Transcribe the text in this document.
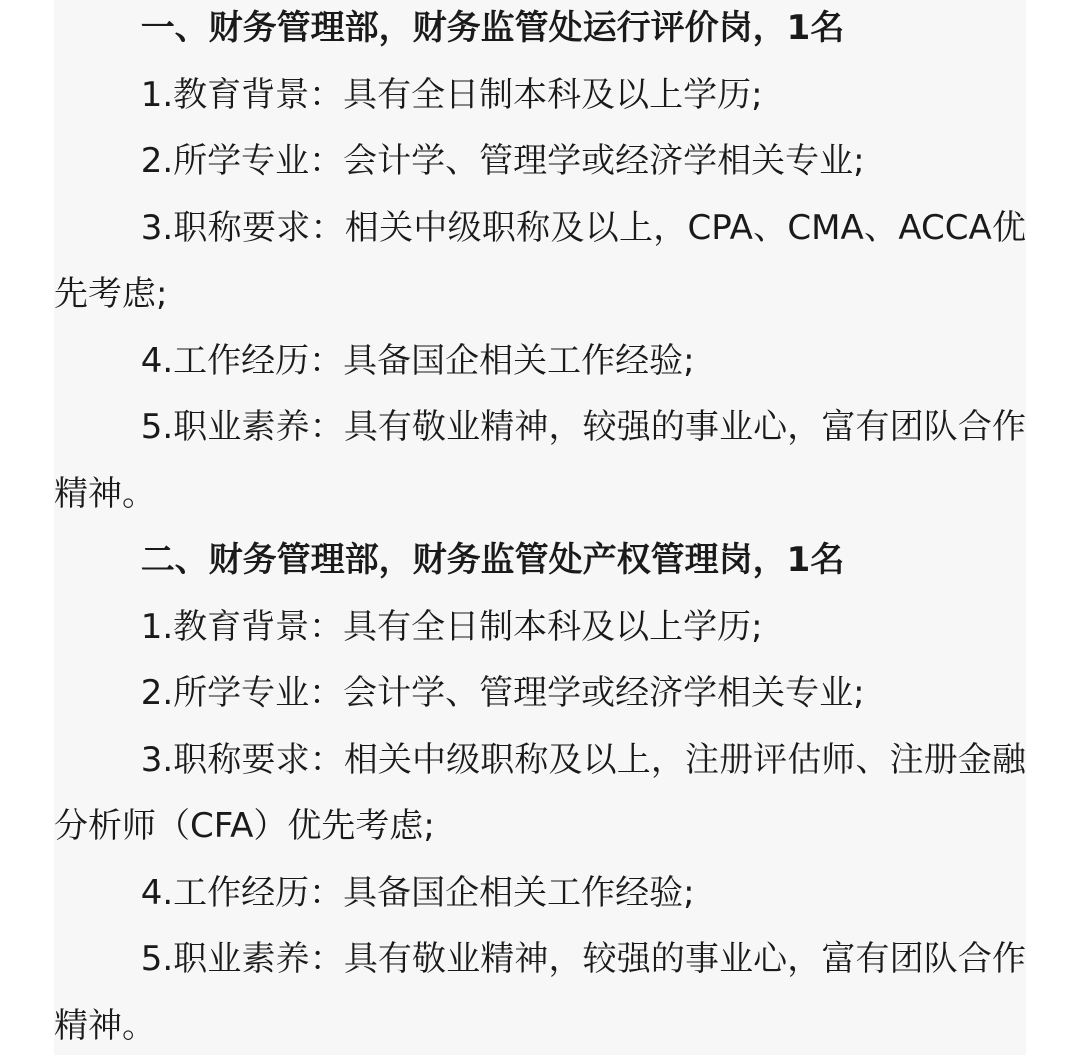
一、财务管理部，财务监管处运行评价岗，1名

1.教育背景：具有全日制本科及以上学历;

2.所学专业：会计学、管理学或经济学相关专业;

3.职称要求：相关中级职称及以上，CPA、CMA、ACCA优先考虑;

4.工作经历：具备国企相关工作经验;

5.职业素养：具有敬业精神，较强的事业心，富有团队合作精神。

二、财务管理部，财务监管处产权管理岗，1名

1.教育背景：具有全日制本科及以上学历;

2.所学专业：会计学、管理学或经济学相关专业;

3.职称要求：相关中级职称及以上，注册评估师、注册金融分析师（CFA）优先考虑;

4.工作经历：具备国企相关工作经验;

5.职业素养：具有敬业精神，较强的事业心，富有团队合作精神。
